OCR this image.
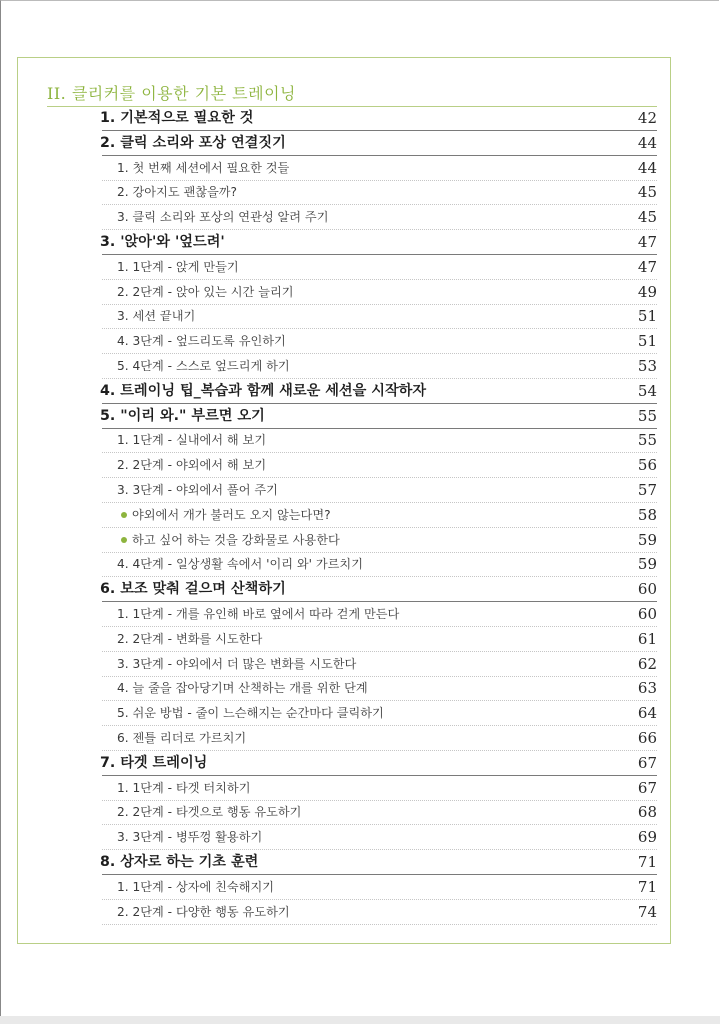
II. 클리커를 이용한 기본 트레이닝
1. 기본적으로 필요한 것	42
2. 클릭 소리와 포상 연결짓기	44
1. 첫 번째 세션에서 필요한 것들	44
2. 강아지도 괜찮을까?	45
3. 클릭 소리와 포상의 연관성 알려 주기	45
3. '앉아'와 '엎드려'	47
1. 1단계 - 앉게 만들기	47
2. 2단계 - 앉아 있는 시간 늘리기	49
3. 세션 끝내기	51
4. 3단계 - 엎드리도록 유인하기	51
5. 4단계 - 스스로 엎드리게 하기	53
4. 트레이닝 팁_복습과 함께 새로운 세션을 시작하자	54
5. "이리 와." 부르면 오기	55
1. 1단계 - 실내에서 해 보기	55
2. 2단계 - 야외에서 해 보기	56
3. 3단계 - 야외에서 풀어 주기	57
야외에서 개가 불러도 오지 않는다면?	58
하고 싶어 하는 것을 강화물로 사용한다	59
4. 4단계 - 일상생활 속에서 '이리 와' 가르치기	59
6. 보조 맞춰 걸으며 산책하기	60
1. 1단계 - 개를 유인해 바로 옆에서 따라 걷게 만든다	60
2. 2단계 - 변화를 시도한다	61
3. 3단계 - 야외에서 더 많은 변화를 시도한다	62
4. 늘 줄을 잡아당기며 산책하는 개를 위한 단계	63
5. 쉬운 방법 - 줄이 느슨해지는 순간마다 클릭하기	64
6. 젠틀 리더로 가르치기	66
7. 타겟 트레이닝	67
1. 1단계 - 타겟 터치하기	67
2. 2단계 - 타겟으로 행동 유도하기	68
3. 3단계 - 병뚜껑 활용하기	69
8. 상자로 하는 기초 훈련	71
1. 1단계 - 상자에 친숙해지기	71
2. 2단계 - 다양한 행동 유도하기	74
